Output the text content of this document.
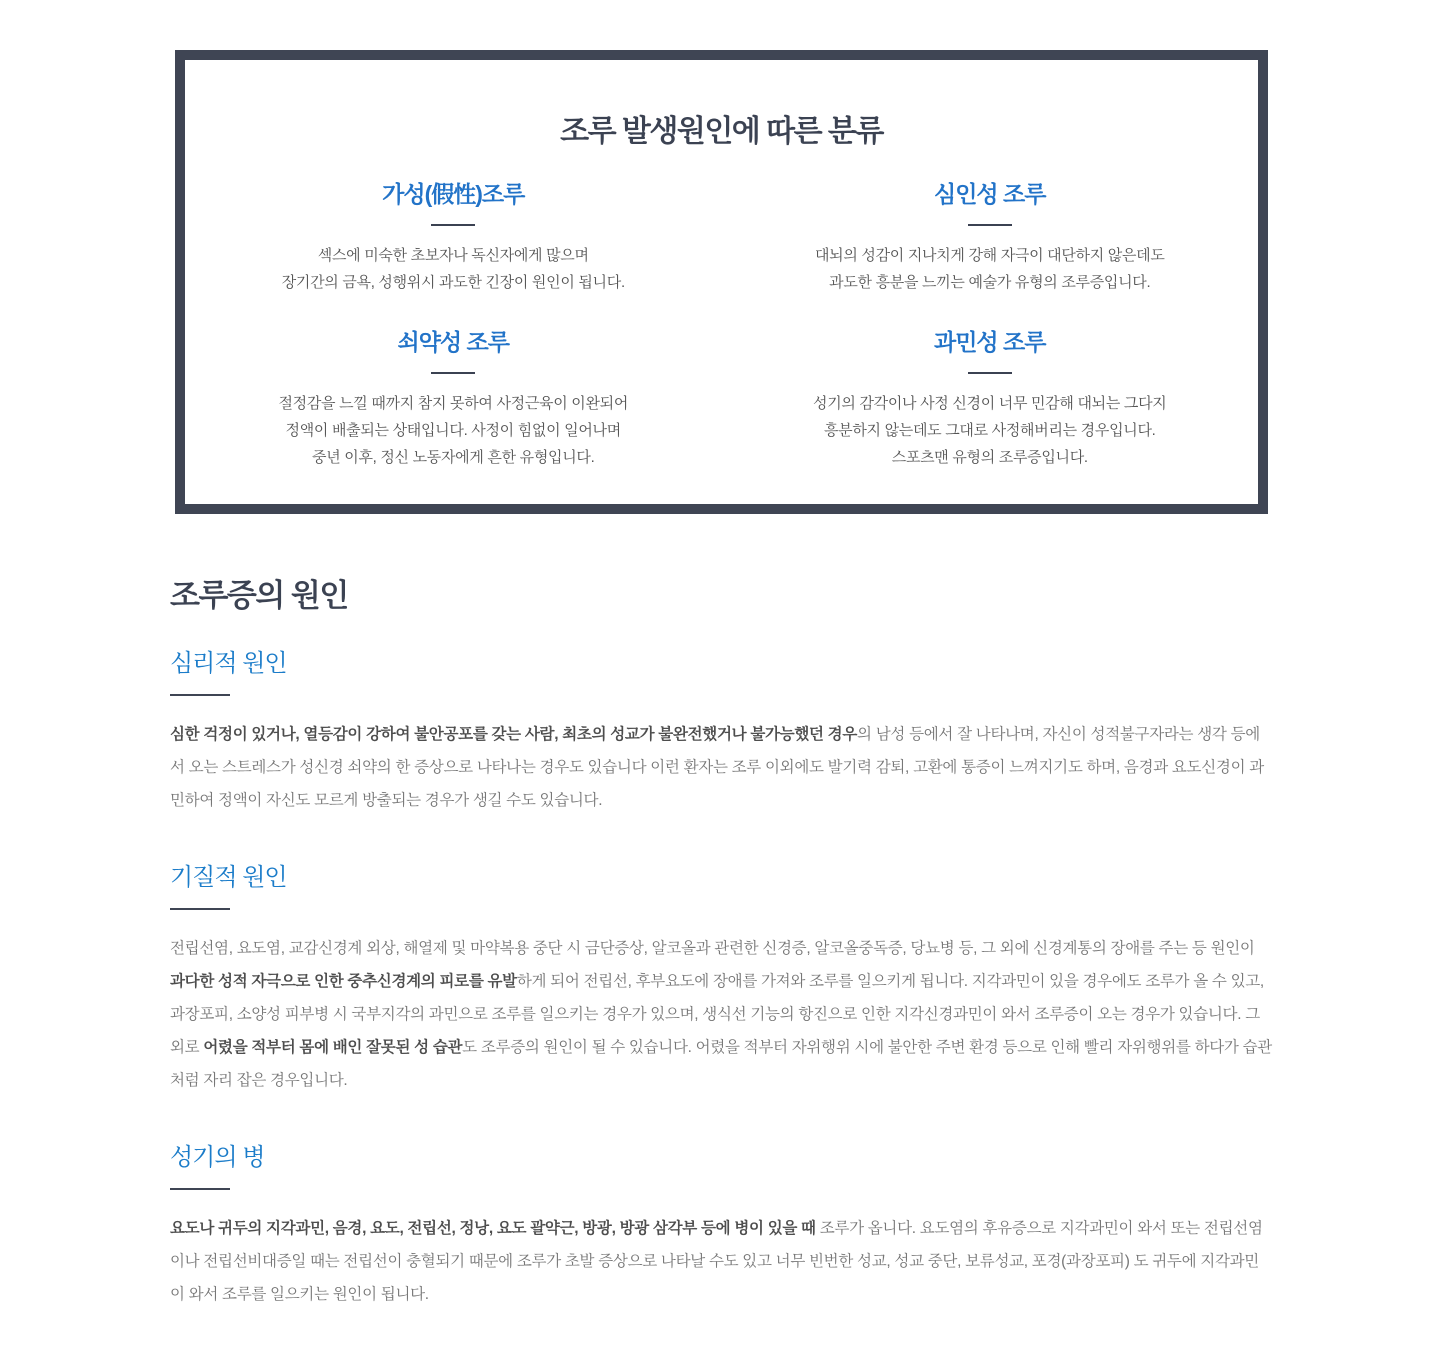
조루 발생원인에 따른 분류
가성(假性)조루

섹스에 미숙한 초보자나 독신자에게 많으며
장기간의 금욕, 성행위시 과도한 긴장이 원인이 됩니다.

심인성 조루

대뇌의 성감이 지나치게 강해 자극이 대단하지 않은데도
과도한 흥분을 느끼는 예술가 유형의 조루증입니다.

쇠약성 조루

절정감을 느낄 때까지 참지 못하여 사정근육이 이완되어
정액이 배출되는 상태입니다. 사정이 힘없이 일어나며
중년 이후, 정신 노동자에게 흔한 유형입니다.

과민성 조루

성기의 감각이나 사정 신경이 너무 민감해 대뇌는 그다지
흥분하지 않는데도 그대로 사정해버리는 경우입니다.
스포츠맨 유형의 조루증입니다.

조루증의 원인
심리적 원인

심한 걱정이 있거나, 열등감이 강하여 불안공포를 갖는 사람, 최초의 성교가 불완전했거나 불가능했던 경우의 남성 등에서 잘 나타나며, 자신이 성적불구자라는 생각 등에서 오는 스트레스가 성신경 쇠약의 한 증상으로 나타나는 경우도 있습니다 이런 환자는 조루 이외에도 발기력 감퇴, 고환에 통증이 느껴지기도 하며, 음경과 요도신경이 과민하여 정액이 자신도 모르게 방출되는 경우가 생길 수도 있습니다.

기질적 원인

전립선염, 요도염, 교감신경계 외상, 해열제 및 마약복용 중단 시 금단증상, 알코올과 관련한 신경증, 알코올중독증, 당뇨병 등, 그 외에 신경계통의 장애를 주는 등 원인이 과다한 성적 자극으로 인한 중추신경계의 피로를 유발하게 되어 전립선, 후부요도에 장애를 가져와 조루를 일으키게 됩니다. 지각과민이 있을 경우에도 조루가 올 수 있고, 과장포피, 소양성 피부병 시 국부지각의 과민으로 조루를 일으키는 경우가 있으며, 생식선 기능의 항진으로 인한 지각신경과민이 와서 조루증이 오는 경우가 있습니다. 그 외로 어렸을 적부터 몸에 배인 잘못된 성 습관도 조루증의 원인이 될 수 있습니다. 어렸을 적부터 자위행위 시에 불안한 주변 환경 등으로 인해 빨리 자위행위를 하다가 습관처럼 자리 잡은 경우입니다.

성기의 병

요도나 귀두의 지각과민, 음경, 요도, 전립선, 정낭, 요도 괄약근, 방광, 방광 삼각부 등에 병이 있을 때 조루가 옵니다. 요도염의 후유증으로 지각과민이 와서 또는 전립선염이나 전립선비대증일 때는 전립선이 충혈되기 때문에 조루가 초발 증상으로 나타날 수도 있고 너무 빈번한 성교, 성교 중단, 보류성교, 포경(과장포피) 도 귀두에 지각과민이 와서 조루를 일으키는 원인이 됩니다.
